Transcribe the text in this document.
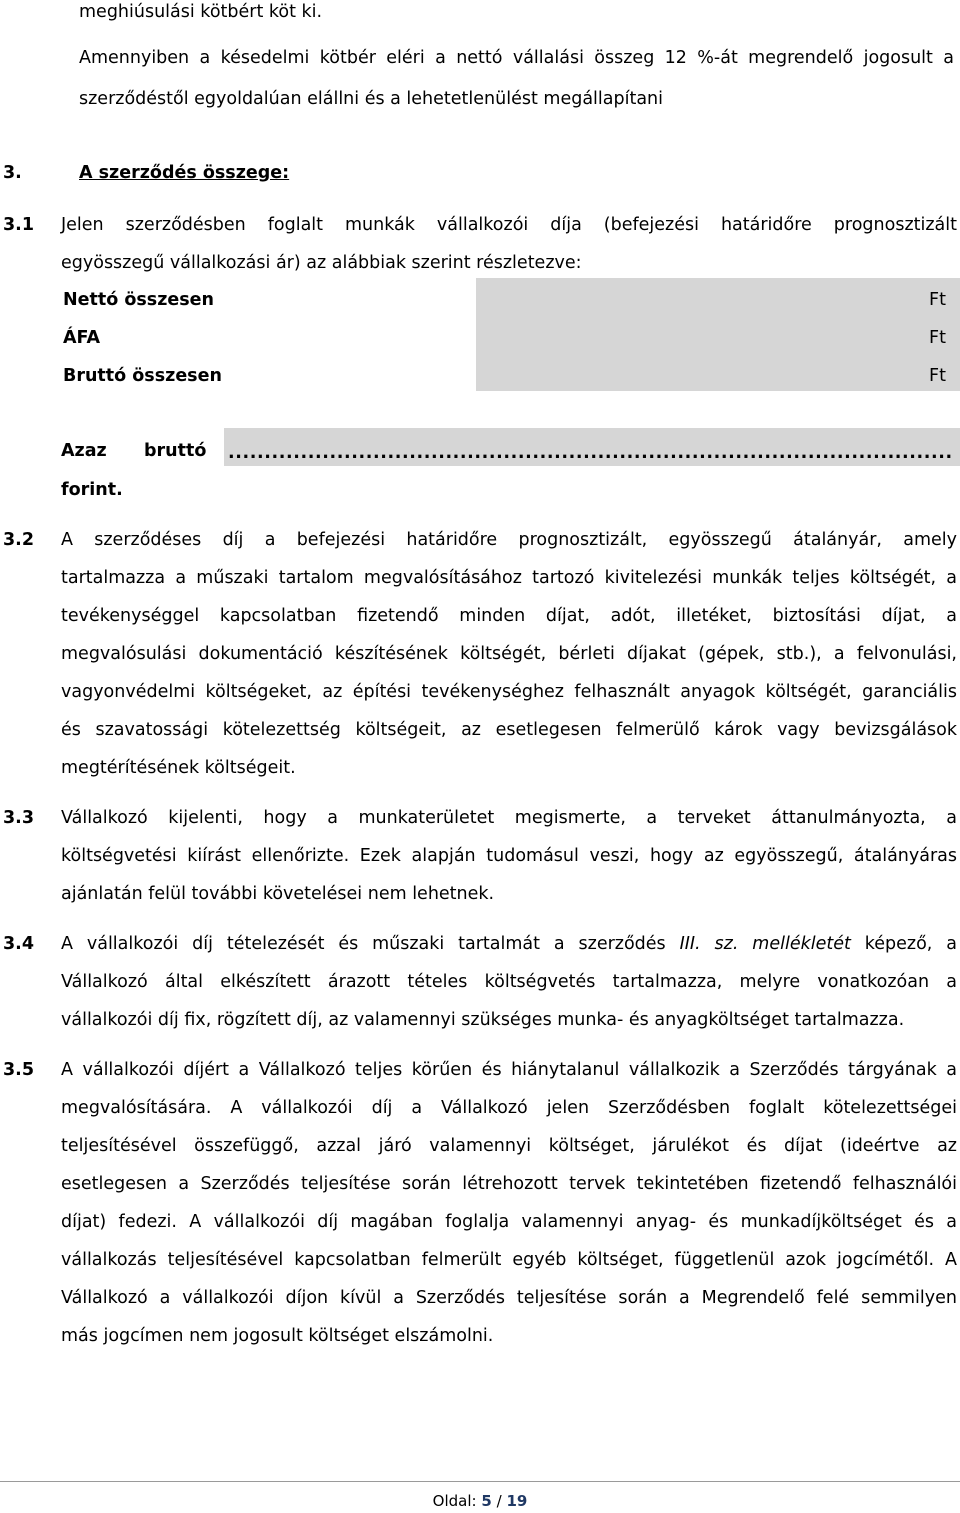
meghiúsulási kötbért köt ki.
Amennyiben a késedelmi kötbér eléri a nettó vállalási összeg 12 %-át megrendelő jogosult a
szerződéstől egyoldalúan elállni és a lehetetlenülést megállapítani
3.	A szerződés összege:
3.1 Jelen szerződésben foglalt munkák vállalkozói díja (befejezési határidőre prognosztizált
egyösszegű vállalkozási ár) az alábbiak szerint részletezve:
Nettó összesen	Ft
ÁFA	Ft
Bruttó összesen	Ft
Azaz bruttó ....................................................................................................
forint.
3.2 A szerződéses díj a befejezési határidőre prognosztizált, egyösszegű átalányár, amely
tartalmazza a műszaki tartalom megvalósításához tartozó kivitelezési munkák teljes költségét, a
tevékenységgel kapcsolatban fizetendő minden díjat, adót, illetéket, biztosítási díjat, a
megvalósulási dokumentáció készítésének költségét, bérleti díjakat (gépek, stb.), a felvonulási,
vagyonvédelmi költségeket, az építési tevékenységhez felhasznált anyagok költségét, garanciális
és szavatossági kötelezettség költségeit, az esetlegesen felmerülő károk vagy bevizsgálások
megtérítésének költségeit.
3.3 Vállalkozó kijelenti, hogy a munkaterületet megismerte, a terveket áttanulmányozta, a
költségvetési kiírást ellenőrizte. Ezek alapján tudomásul veszi, hogy az egyösszegű, átalányáras
ajánlatán felül további követelései nem lehetnek.
3.4 A vállalkozói díj tételezését és műszaki tartalmát a szerződés III. sz. mellékletét képező, a
Vállalkozó által elkészített árazott tételes költségvetés tartalmazza, melyre vonatkozóan a
vállalkozói díj fix, rögzített díj, az valamennyi szükséges munka- és anyagköltséget tartalmazza.
3.5 A vállalkozói díjért a Vállalkozó teljes körűen és hiánytalanul vállalkozik a Szerződés tárgyának a
megvalósítására. A vállalkozói díj a Vállalkozó jelen Szerződésben foglalt kötelezettségei
teljesítésével összefüggő, azzal járó valamennyi költséget, járulékot és díjat (ideértve az
esetlegesen a Szerződés teljesítése során létrehozott tervek tekintetében fizetendő felhasználói
díjat) fedezi. A vállalkozói díj magában foglalja valamennyi anyag- és munkadíjköltséget és a
vállalkozás teljesítésével kapcsolatban felmerült egyéb költséget, függetlenül azok jogcímétől. A
Vállalkozó a vállalkozói díjon kívül a Szerződés teljesítése során a Megrendelő felé semmilyen
más jogcímen nem jogosult költséget elszámolni.
Oldal: 5 / 19
